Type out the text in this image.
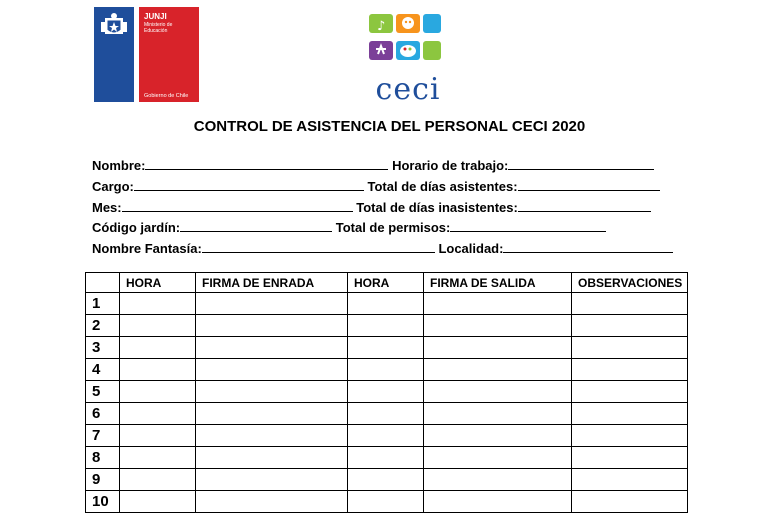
JUNJI
Ministerio de Educación
Gobierno de Chile
♪
ceci
CONTROL DE ASISTENCIA DEL PERSONAL CECI 2020
Nombre:	Horario de trabajo:
Cargo:	Total de días asistentes:
Mes:	Total de días inasistentes:
Código jardín:	Total de permisos:
Nombre Fantasía:	Localidad:
	HORA	FIRMA DE ENRADA	HORA	FIRMA DE SALIDA	OBSERVACIONES
1					
2					
3					
4					
5					
6					
7					
8					
9					
10					
